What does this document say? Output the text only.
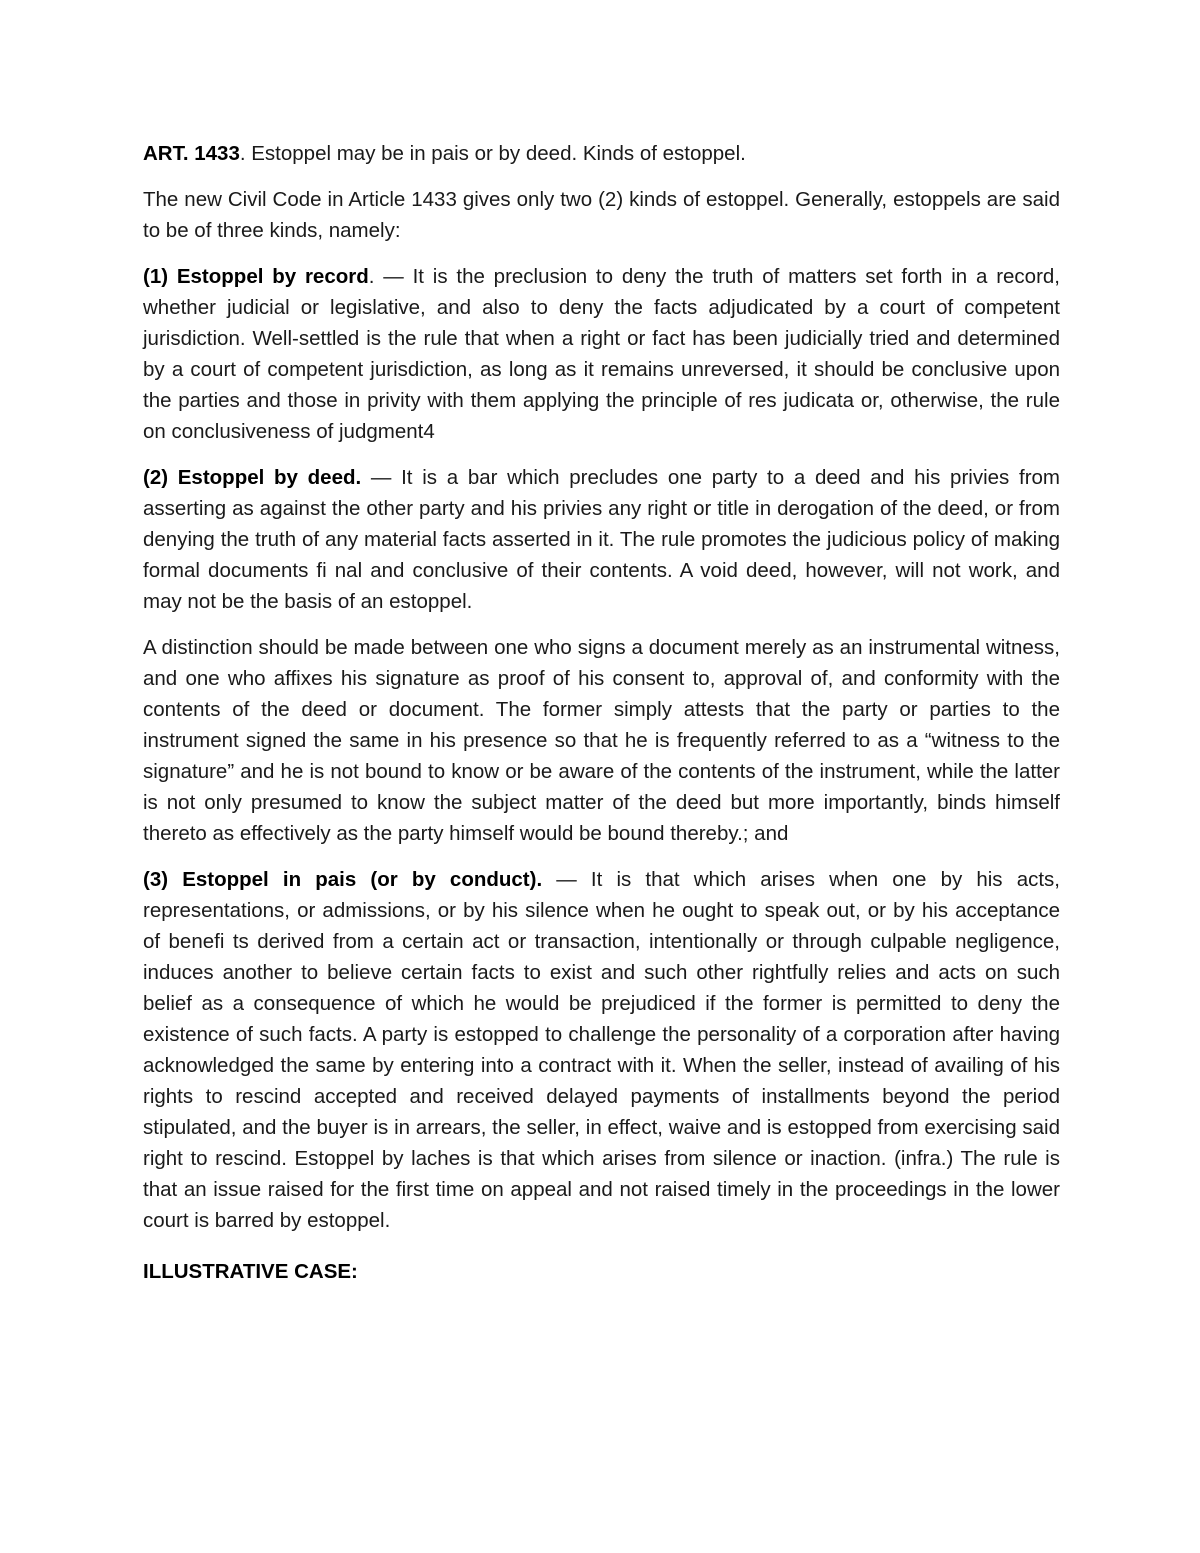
ART. 1433. Estoppel may be in pais or by deed. Kinds of estoppel.

The new Civil Code in Article 1433 gives only two (2) kinds of estoppel. Generally, estoppels are said to be of three kinds, namely:

(1) Estoppel by record. — It is the preclusion to deny the truth of matters set forth in a record, whether judicial or legislative, and also to deny the facts adjudicated by a court of competent jurisdiction. Well-settled is the rule that when a right or fact has been judicially tried and determined by a court of competent jurisdiction, as long as it remains unreversed, it should be conclusive upon the parties and those in privity with them applying the principle of res judicata or, otherwise, the rule on conclusiveness of judgment4

(2) Estoppel by deed. — It is a bar which precludes one party to a deed and his privies from asserting as against the other party and his privies any right or title in derogation of the deed, or from denying the truth of any material facts asserted in it. The rule promotes the judicious policy of making formal documents fi nal and conclusive of their contents. A void deed, however, will not work, and may not be the basis of an estoppel.

A distinction should be made between one who signs a document merely as an instrumental witness, and one who affixes his signature as proof of his consent to, approval of, and conformity with the contents of the deed or document. The former simply attests that the party or parties to the instrument signed the same in his presence so that he is frequently referred to as a “witness to the signature” and he is not bound to know or be aware of the contents of the instrument, while the latter is not only presumed to know the subject matter of the deed but more importantly, binds himself thereto as effectively as the party himself would be bound thereby.; and

(3) Estoppel in pais (or by conduct). — It is that which arises when one by his acts, representations, or admissions, or by his silence when he ought to speak out, or by his acceptance of benefi ts derived from a certain act or transaction, intentionally or through culpable negligence, induces another to believe certain facts to exist and such other rightfully relies and acts on such belief as a consequence of which he would be prejudiced if the former is permitted to deny the existence of such facts. A party is estopped to challenge the personality of a corporation after having acknowledged the same by entering into a contract with it. When the seller, instead of availing of his rights to rescind accepted and received delayed payments of installments beyond the period stipulated, and the buyer is in arrears, the seller, in effect, waive and is estopped from exercising said right to rescind. Estoppel by laches is that which arises from silence or inaction. (infra.) The rule is that an issue raised for the first time on appeal and not raised timely in the proceedings in the lower court is barred by estoppel.

ILLUSTRATIVE CASE:
